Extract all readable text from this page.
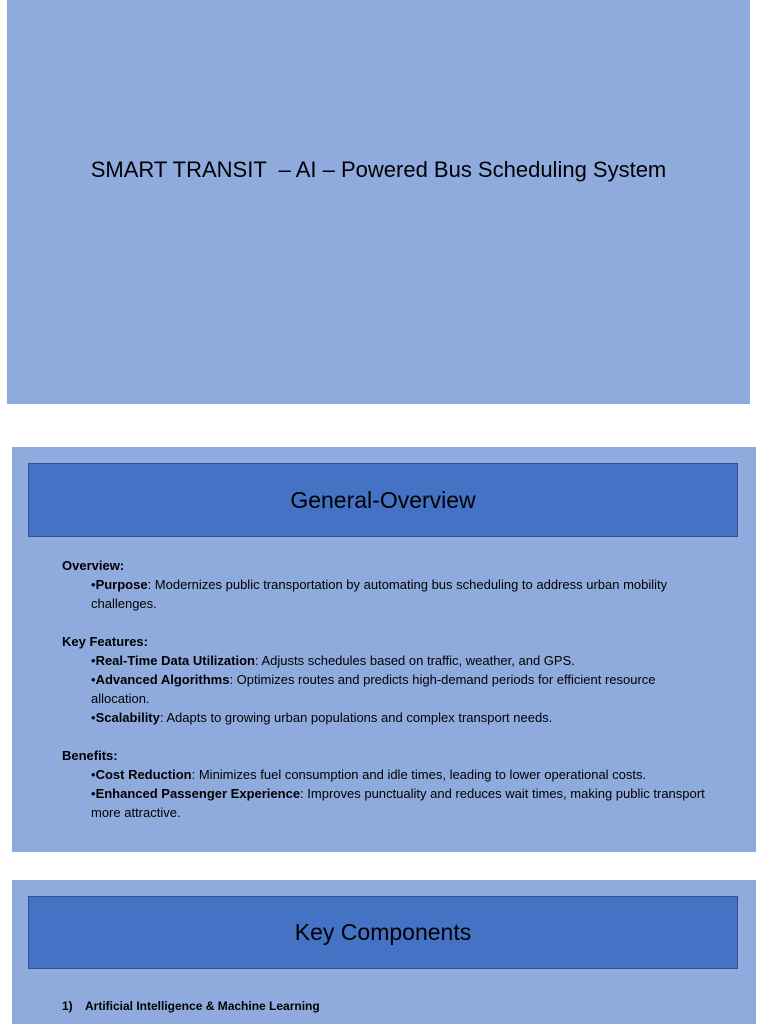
SMART TRANSIT  – AI – Powered Bus Scheduling System
General-Overview

Overview:

•Purpose: Modernizes public transportation by automating bus scheduling to address urban mobility challenges.

Key Features:

•Real-Time Data Utilization: Adjusts schedules based on traffic, weather, and GPS.

•Advanced Algorithms: Optimizes routes and predicts high-demand periods for efficient resource allocation.

•Scalability: Adapts to growing urban populations and complex transport needs.

Benefits:

•Cost Reduction: Minimizes fuel consumption and idle times, leading to lower operational costs.

•Enhanced Passenger Experience: Improves punctuality and reduces wait times, making public transport more attractive.

Key Components

1) Artificial Intelligence & Machine Learning
